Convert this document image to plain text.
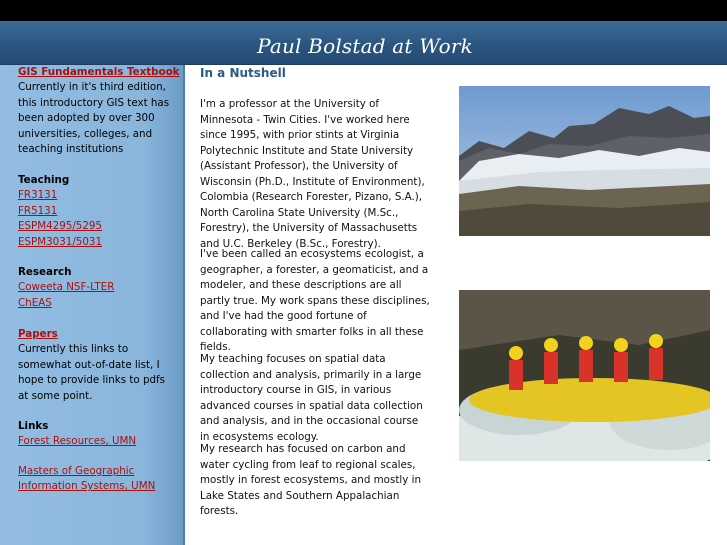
Paul Bolstad at Work
GIS Fundamentals Textbook
Currently in it's third edition, this introductory GIS text has been adopted by over 300 universities, colleges, and teaching institutions
Teaching
FR3131
FR5131
ESPM4295/5295
ESPM3031/5031
Research
Coweeta NSF-LTER
ChEAS
Papers
Currently this links to somewhat out-of-date list, I hope to provide links to pdfs at some point.
Links
Forest Resources, UMN
Masters of Geographic Information Systems, UMN
In a Nutshell
I'm a professor at the University of Minnesota - Twin Cities. I've worked here since 1995, with prior stints at Virginia Polytechnic Institute and State University (Assistant Professor), the University of Wisconsin (Ph.D., Institute of Environment), Colombia (Research Forester, Pizano, S.A.), North Carolina State University (M.Sc., Forestry), the University of Massachusetts and U.C. Berkeley (B.Sc., Forestry).
I've been called an ecosystems ecologist, a geographer, a forester, a geomaticist, and a modeler, and these descriptions are all partly true. My work spans these disciplines, and I've had the good fortune of collaborating with smarter folks in all these fields.
My teaching focuses on spatial data collection and analysis, primarily in a large introductory course in GIS, in various advanced courses in spatial data collection and analysis, and in the occasional course in ecosystems ecology.
My research has focused on carbon and water cycling from leaf to regional scales, mostly in forest ecosystems, and mostly in Lake States and Southern Appalachian forests.
